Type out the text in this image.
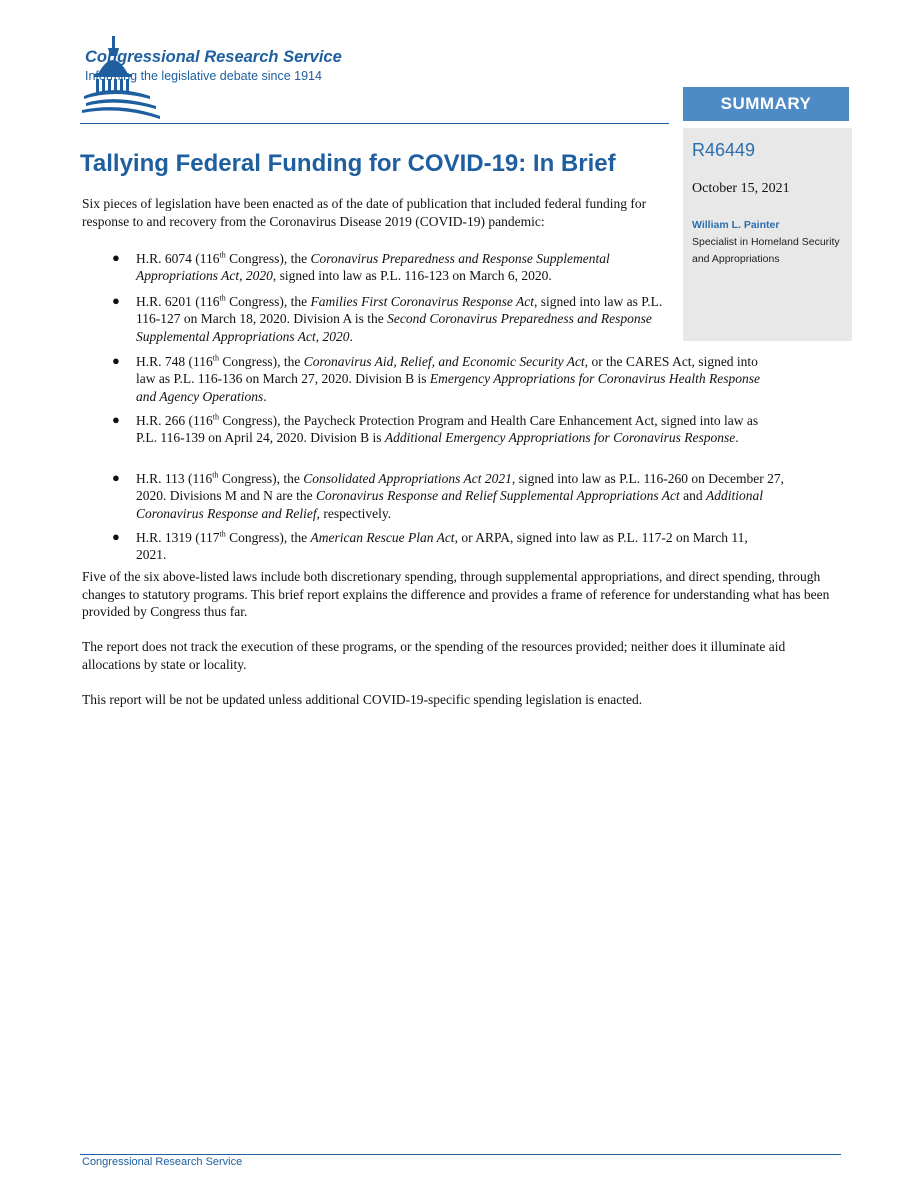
Congressional Research Service
Informing the legislative debate since 1914
SUMMARY
R46449
October 15, 2021
William L. Painter
Specialist in Homeland Security and Appropriations
Tallying Federal Funding for COVID-19: In Brief
Six pieces of legislation have been enacted as of the date of publication that included federal funding for response to and recovery from the Coronavirus Disease 2019 (COVID-19) pandemic:
● H.R. 6074 (116th Congress), the Coronavirus Preparedness and Response Supplemental Appropriations Act, 2020, signed into law as P.L. 116-123 on March 6, 2020.
● H.R. 6201 (116th Congress), the Families First Coronavirus Response Act, signed into law as P.L. 116-127 on March 18, 2020. Division A is the Second Coronavirus Preparedness and Response Supplemental Appropriations Act, 2020.
● H.R. 748 (116th Congress), the Coronavirus Aid, Relief, and Economic Security Act, or the CARES Act, signed into law as P.L. 116-136 on March 27, 2020. Division B is Emergency Appropriations for Coronavirus Health Response and Agency Operations.
● H.R. 266 (116th Congress), the Paycheck Protection Program and Health Care Enhancement Act, signed into law as P.L. 116-139 on April 24, 2020. Division B is Additional Emergency Appropriations for Coronavirus Response.
● H.R. 113 (116th Congress), the Consolidated Appropriations Act 2021, signed into law as P.L. 116-260 on December 27, 2020. Divisions M and N are the Coronavirus Response and Relief Supplemental Appropriations Act and Additional Coronavirus Response and Relief, respectively.
● H.R. 1319 (117th Congress), the American Rescue Plan Act, or ARPA, signed into law as P.L. 117-2 on March 11, 2021.
Five of the six above-listed laws include both discretionary spending, through supplemental appropriations, and direct spending, through changes to statutory programs. This brief report explains the difference and provides a frame of reference for understanding what has been provided by Congress thus far.
The report does not track the execution of these programs, or the spending of the resources provided; neither does it illuminate aid allocations by state or locality.
This report will be not be updated unless additional COVID-19-specific spending legislation is enacted.
Congressional Research Service
